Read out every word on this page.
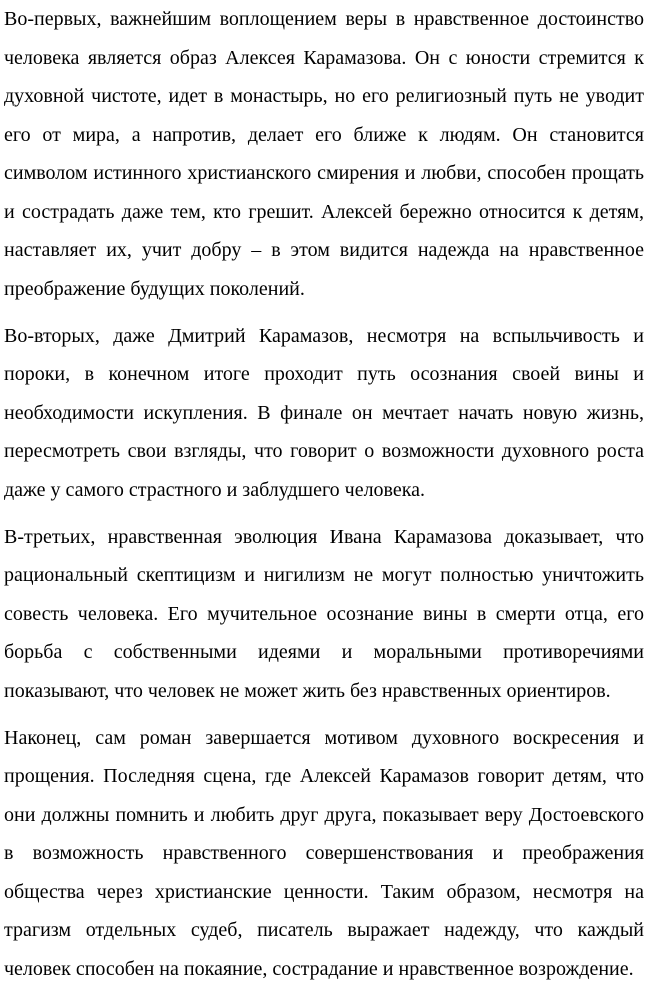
Во-первых, важнейшим воплощением веры в нравственное достоинство человека является образ Алексея Карамазова. Он с юности стремится к духовной чистоте, идет в монастырь, но его религиозный путь не уводит его от мира, а напротив, делает его ближе к людям. Он становится символом истинного христианского смирения и любви, способен прощать и сострадать даже тем, кто грешит. Алексей бережно относится к детям, наставляет их, учит добру – в этом видится надежда на нравственное преображение будущих поколений.

Во-вторых, даже Дмитрий Карамазов, несмотря на вспыльчивость и пороки, в конечном итоге проходит путь осознания своей вины и необходимости искупления. В финале он мечтает начать новую жизнь, пересмотреть свои взгляды, что говорит о возможности духовного роста даже у самого страстного и заблудшего человека.

В-третьих, нравственная эволюция Ивана Карамазова доказывает, что рациональный скептицизм и нигилизм не могут полностью уничтожить совесть человека. Его мучительное осознание вины в смерти отца, его борьба с собственными идеями и моральными противоречиями показывают, что человек не может жить без нравственных ориентиров.

Наконец, сам роман завершается мотивом духовного воскресения и прощения. Последняя сцена, где Алексей Карамазов говорит детям, что они должны помнить и любить друг друга, показывает веру Достоевского в возможность нравственного совершенствования и преображения общества через христианские ценности. Таким образом, несмотря на трагизм отдельных судеб, писатель выражает надежду, что каждый человек способен на покаяние, сострадание и нравственное возрождение.
